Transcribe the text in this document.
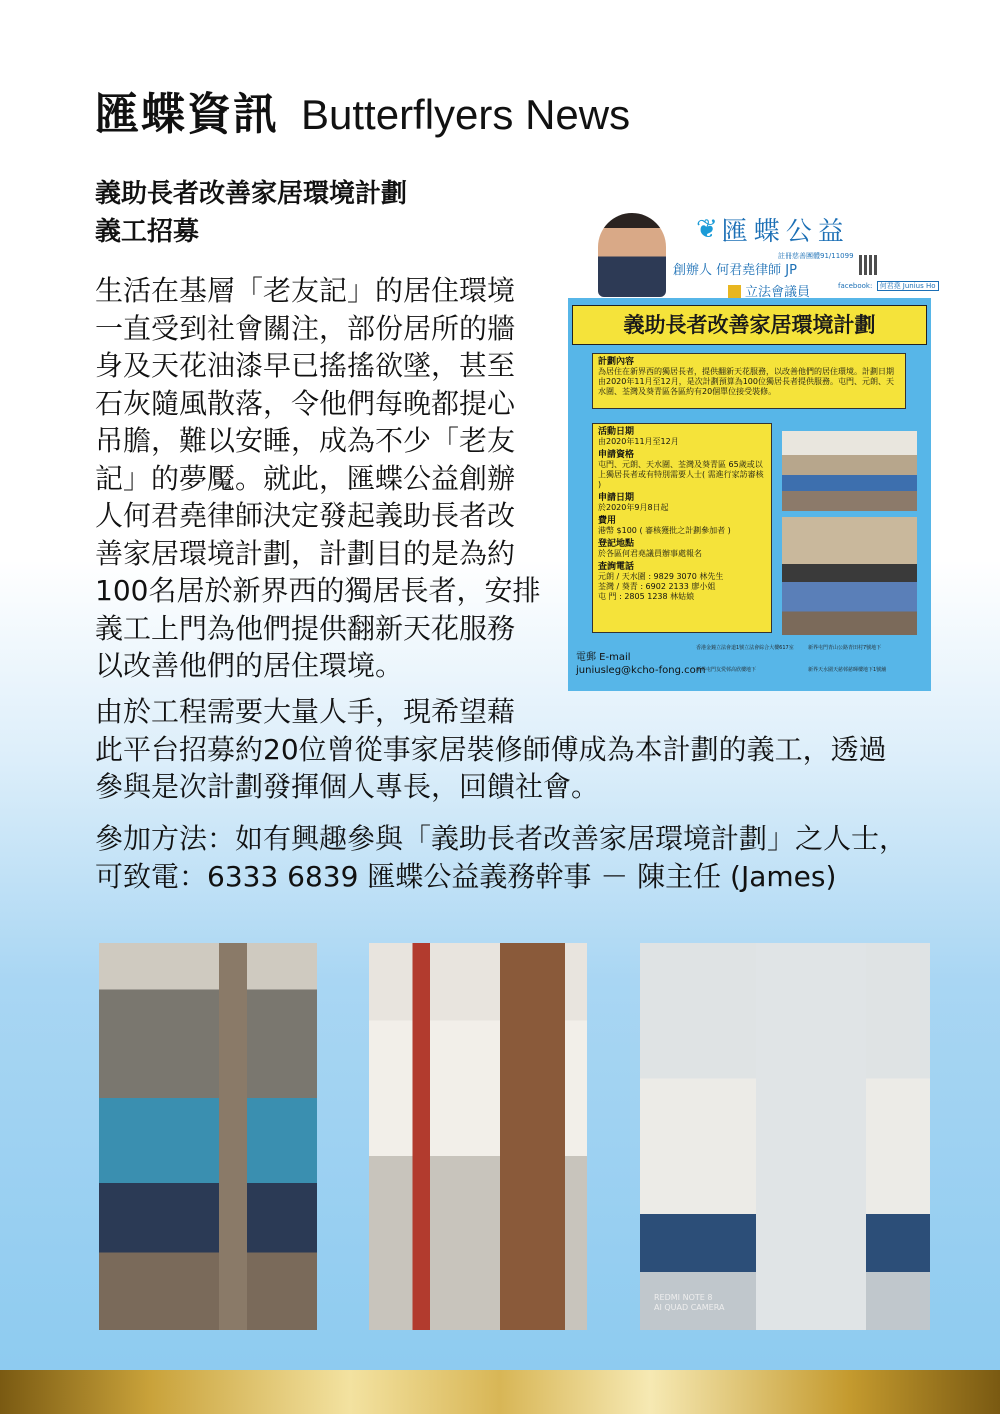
匯蝶資訊 Butterflyers News
義助長者改善家居環境計劃
義工招募
生活在基層「老友記」的居住環境
一直受到社會關注，部份居所的牆
身及天花油漆早已搖搖欲墜，甚至
石灰隨風散落，令他們每晚都提心
吊膽，難以安睡，成為不少「老友
記」的夢魘。就此，匯蝶公益創辦
人何君堯律師決定發起義助長者改
善家居環境計劃，計劃目的是為約
100名居於新界西的獨居長者，安排
義工上門為他們提供翻新天花服務
以改善他們的居住環境。
❦ 匯蝶公益
註冊慈善團體91/11099
創辦人 何君堯律師 JP
立法會議員	facebook: 何君堯 Junius Ho
義助長者改善家居環境計劃
計劃內容
為居住在新界西的獨居長者，提供翻新天花服務，以改善他們的居住環境。計劃日期由2020年11月至12月，是次計劃預算為100位獨居長者提供服務。屯門、元朗、天水圍、荃灣及葵青區各區約有20個單位接受裝修。
活動日期
由2020年11月至12月
申請資格
屯門、元朗、天水圍、荃灣及葵青區 65歲或以上獨居長者或有特別需要人士( 需進行家訪審核 )
申請日期
於2020年9月8日起
費用
港幣 $100 ( 審核獲批之計劃參加者 )
登記地點
於各區何君堯議員辦事處報名
查詢電話
元朗 / 天水圍 : 9829 3070 林先生
荃灣 / 葵青 : 6902 2133 廖小姐
屯 門 : 2805 1238 林姑娘
電郵 E-mail
juniusleg@kcho-fong.com
香港金鐘立法會道1號立法會綜合大樓617室	新界屯門青山公路青田村7號地下
新界屯門友愛邨高欣樓地下	新界天水圍天慈邨慈暉樓地下1號舖
由於工程需要大量人手，現希望藉
此平台招募約20位曾從事家居裝修師傅成為本計劃的義工，透過
參與是次計劃發揮個人專長，回饋社會。
參加方法：如有興趣參與「義助長者改善家居環境計劃」之人士，
可致電：6333 6839 匯蝶公益義務幹事 － 陳主任 (James)
REDMI NOTE 8
AI QUAD CAMERA
